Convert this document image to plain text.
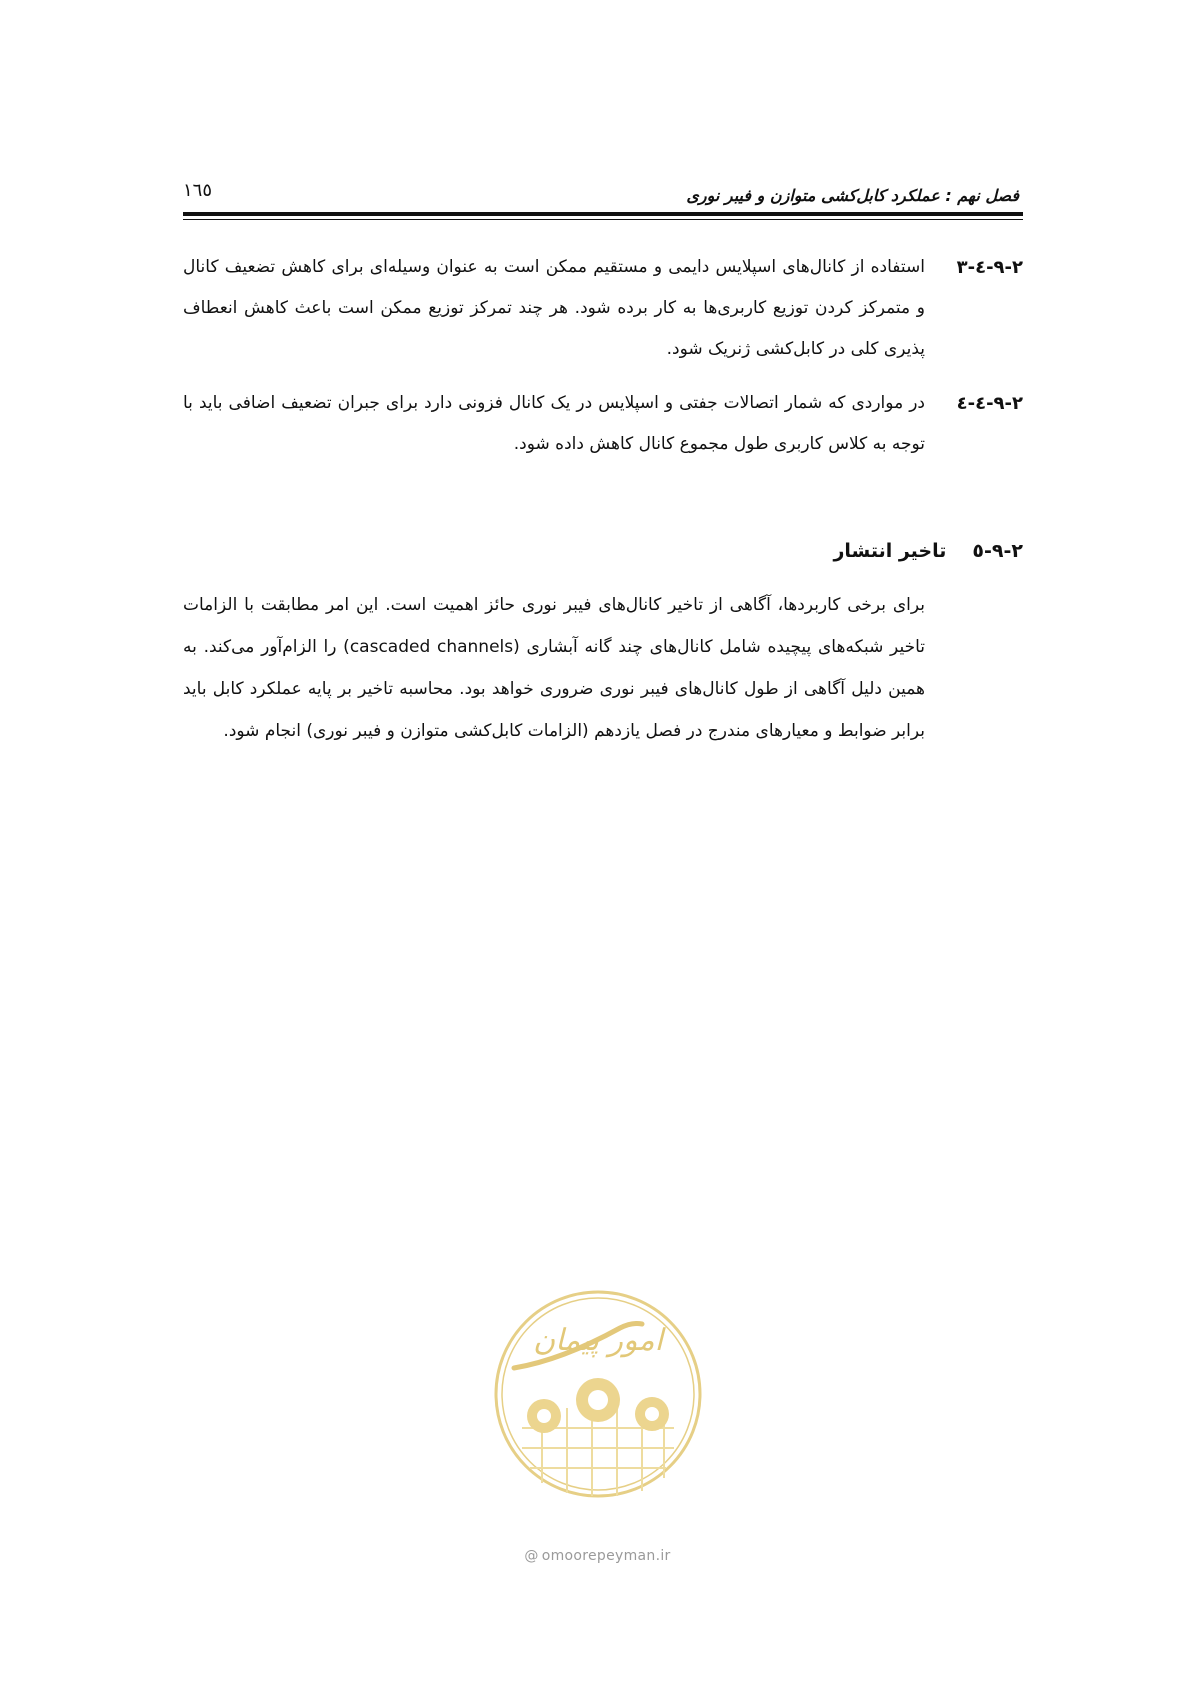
۱٦٥	فصل نهم : عملکرد کابل‌کشی متوازن و فیبر نوری
۹-۲-٤-۳
استفاده از کانال‌های اسپلایس دایمی و مستقیم ممکن است به عنوان وسیله‌ای برای کاهش تضعیف کانال و متمرکز کردن توزیع کاربری‌ها به کار برده شود. هر چند تمرکز توزیع ممکن است باعث کاهش انعطاف پذیری کلی در کابل‌کشی ژنریک شود.
۹-۲-٤-٤
در مواردی که شمار اتصالات جفتی و اسپلایس در یک کانال فزونی دارد برای جبران تضعیف اضافی باید با توجه به کلاس کاربری طول مجموع کانال کاهش داده شود.
۹-۲-٥تاخیر انتشار
برای برخی کاربردها، آگاهی از تاخیر کانال‌های فیبر نوری حائز اهمیت است. این امر مطابقت با الزامات تاخیر شبکه‌های پیچیده شامل کانال‌های چند گانه آبشاری (cascaded channels) را الزام‌آور می‌کند. به همین دلیل آگاهی از طول کانال‌های فیبر نوری ضروری خواهد بود. محاسبه تاخیر بر پایه عملکرد کابل باید برابر ضوابط و معیارهای مندرج در فصل یازدهم (الزامات کابل‌کشی متوازن و فیبر نوری) انجام شود.
امور پیمان
@ omoorepeyman.ir
